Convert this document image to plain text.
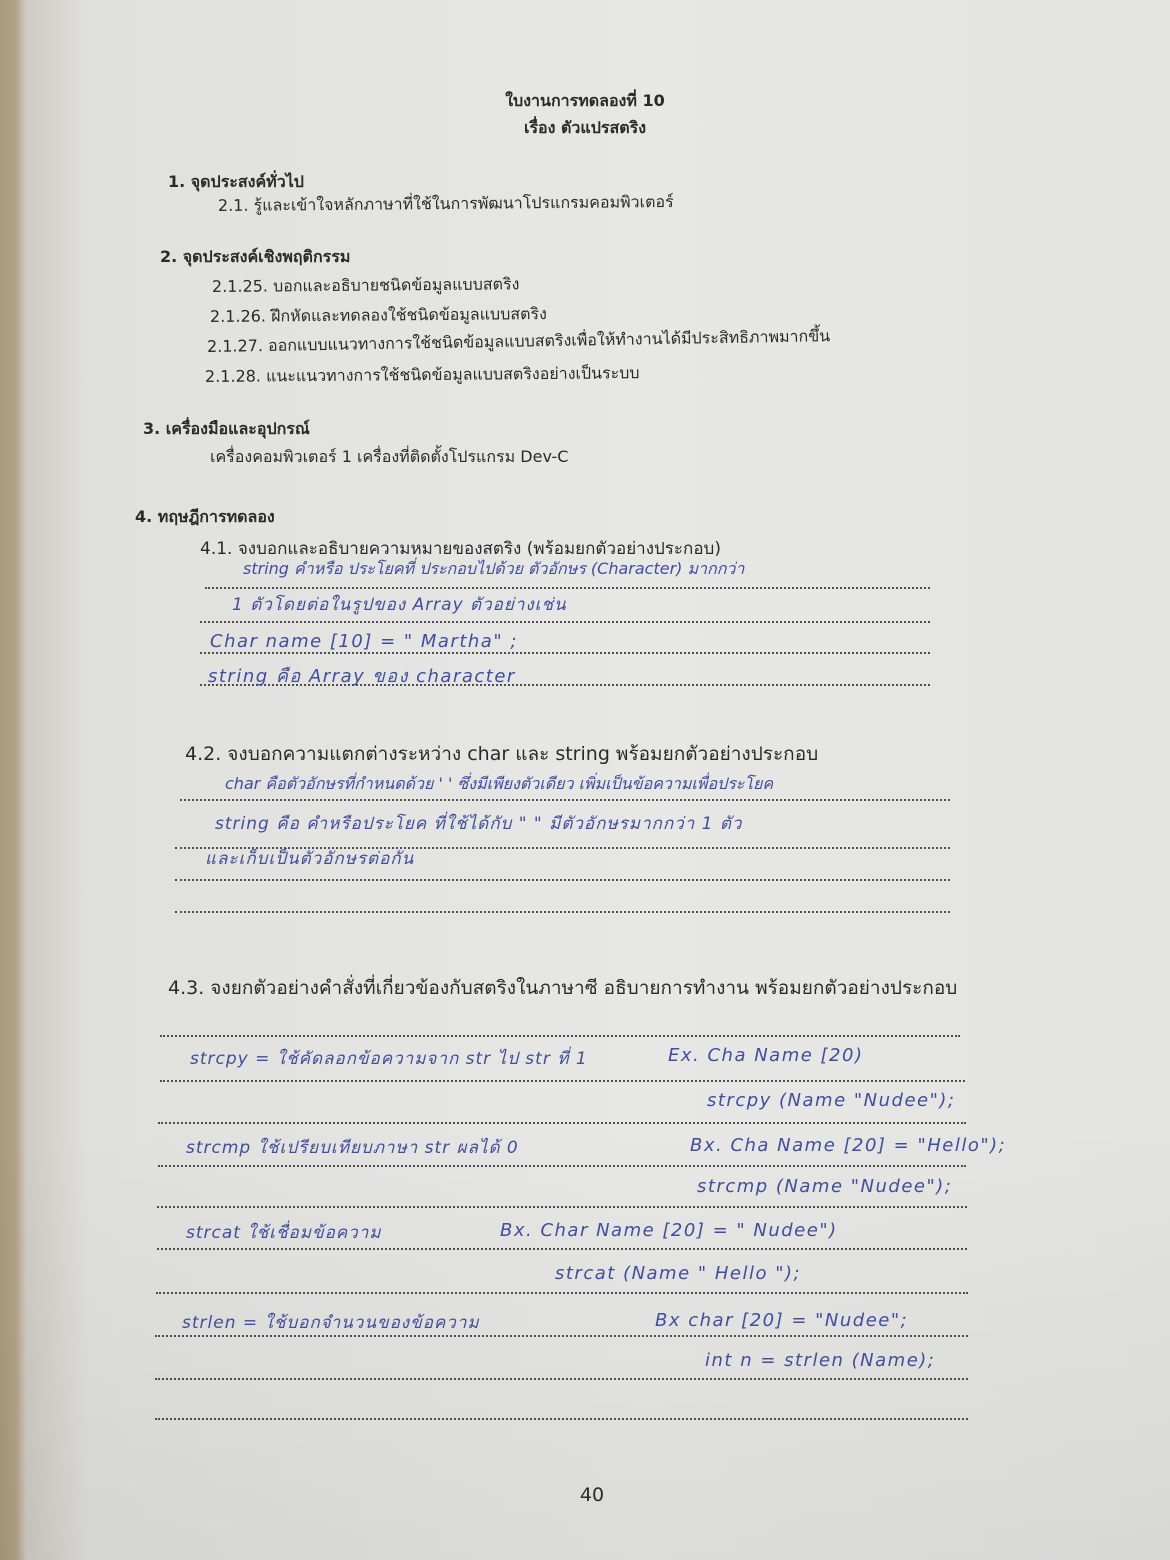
ใบงานการทดลองที่ 10
เรื่อง ตัวแปรสตริง
1. จุดประสงค์ทั่วไป
2.1. รู้และเข้าใจหลักภาษาที่ใช้ในการพัฒนาโปรแกรมคอมพิวเตอร์
2. จุดประสงค์เชิงพฤติกรรม
2.1.25. บอกและอธิบายชนิดข้อมูลแบบสตริง
2.1.26. ฝึกหัดและทดลองใช้ชนิดข้อมูลแบบสตริง
2.1.27. ออกแบบแนวทางการใช้ชนิดข้อมูลแบบสตริงเพื่อให้ทำงานได้มีประสิทธิภาพมากขึ้น
2.1.28. แนะแนวทางการใช้ชนิดข้อมูลแบบสตริงอย่างเป็นระบบ
3. เครื่องมือและอุปกรณ์
เครื่องคอมพิวเตอร์ 1 เครื่องที่ติดตั้งโปรแกรม Dev-C
4. ทฤษฎีการทดลอง
4.1. จงบอกและอธิบายความหมายของสตริง (พร้อมยกตัวอย่างประกอบ)
string คำหรือ ประโยคที่ ประกอบไปด้วย ตัวอักษร (Character) มากกว่า
1 ตัวโดยต่อในรูปของ Array ตัวอย่างเช่น
Char name [10] = " Martha" ;
string คือ Array ของ character
4.2. จงบอกความแตกต่างระหว่าง char และ string พร้อมยกตัวอย่างประกอบ
char คือตัวอักษรที่กำหนดด้วย ' ' ซึ่งมีเพียงตัวเดียว เพิ่มเป็นข้อความเพื่อประโยค
string คือ คำหรือประโยค ที่ใช้ได้กับ " " มีตัวอักษรมากกว่า 1 ตัว
และเก็บเป็นตัวอักษรต่อกัน
4.3. จงยกตัวอย่างคำสั่งที่เกี่ยวข้องกับสตริงในภาษาซี อธิบายการทำงาน พร้อมยกตัวอย่างประกอบ
strcpy = ใช้คัดลอกข้อความจาก str ไป str ที่ 1	Ex. Cha Name [20)
strcpy (Name "Nudee");
strcmp ใช้เปรียบเทียบภาษา str ผลได้ 0	Bx. Cha Name [20] = "Hello");
strcmp (Name "Nudee");
strcat ใช้เชื่อมข้อความ	Bx. Char Name [20] = " Nudee")
strcat (Name " Hello ");
strlen = ใช้บอกจำนวนของข้อความ	Bx char [20] = "Nudee";
int n = strlen (Name);
40
